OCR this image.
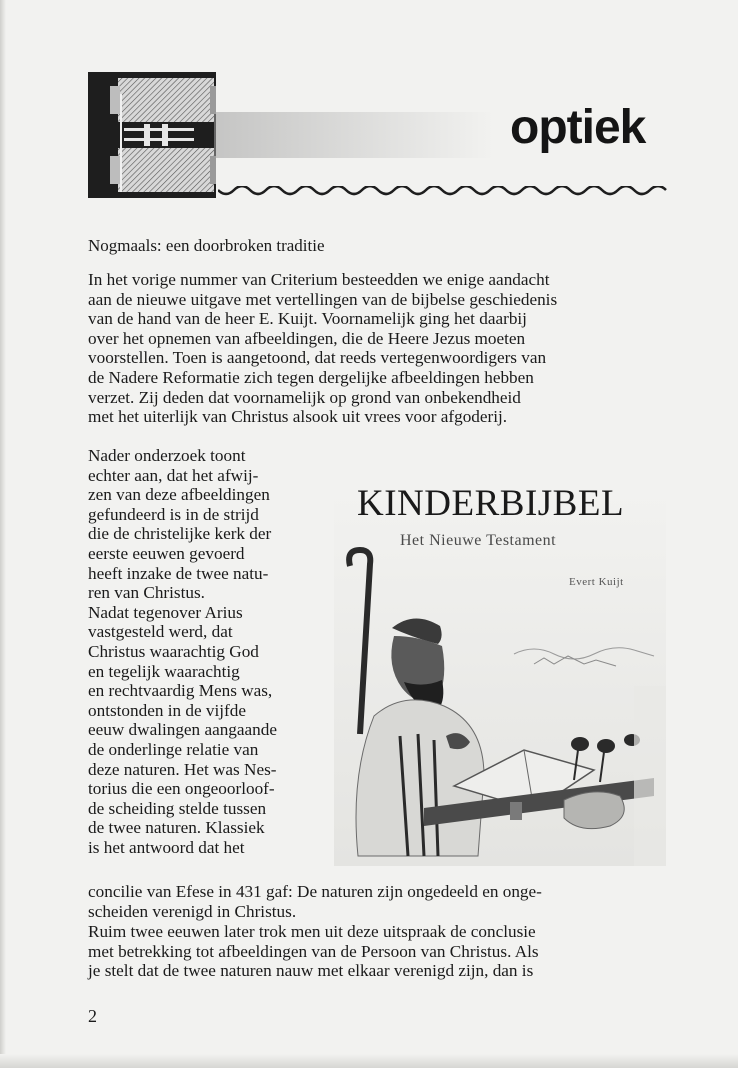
optiek
Nogmaals: een doorbroken traditie
In het vorige nummer van Criterium besteedden we enige aandacht
aan de nieuwe uitgave met vertellingen van de bijbelse geschiedenis
van de hand van de heer E. Kuijt. Voornamelijk ging het daarbij
over het opnemen van afbeeldingen, die de Heere Jezus moeten
voorstellen. Toen is aangetoond, dat reeds vertegenwoordigers van
de Nadere Reformatie zich tegen dergelijke afbeeldingen hebben
verzet. Zij deden dat voornamelijk op grond van onbekendheid
met het uiterlijk van Christus alsook uit vrees voor afgoderij.
Nader onderzoek toont
echter aan, dat het afwij-
zen van deze afbeeldingen
gefundeerd is in de strijd
die de christelijke kerk der
eerste eeuwen gevoerd
heeft inzake de twee natu-
ren van Christus.
Nadat tegenover Arius
vastgesteld werd, dat
Christus waarachtig God
en tegelijk waarachtig
en rechtvaardig Mens was,
ontstonden in de vijfde
eeuw dwalingen aangaande
de onderlinge relatie van
deze naturen. Het was Nes-
torius die een ongeoorloof-
de scheiding stelde tussen
de twee naturen. Klassiek
is het antwoord dat het
KINDERBIJBEL
Het Nieuwe Testament
Evert Kuijt
concilie van Efese in 431 gaf: De naturen zijn ongedeeld en onge-
scheiden verenigd in Christus.
Ruim twee eeuwen later trok men uit deze uitspraak de conclusie
met betrekking tot afbeeldingen van de Persoon van Christus. Als
je stelt dat de twee naturen nauw met elkaar verenigd zijn, dan is
2
